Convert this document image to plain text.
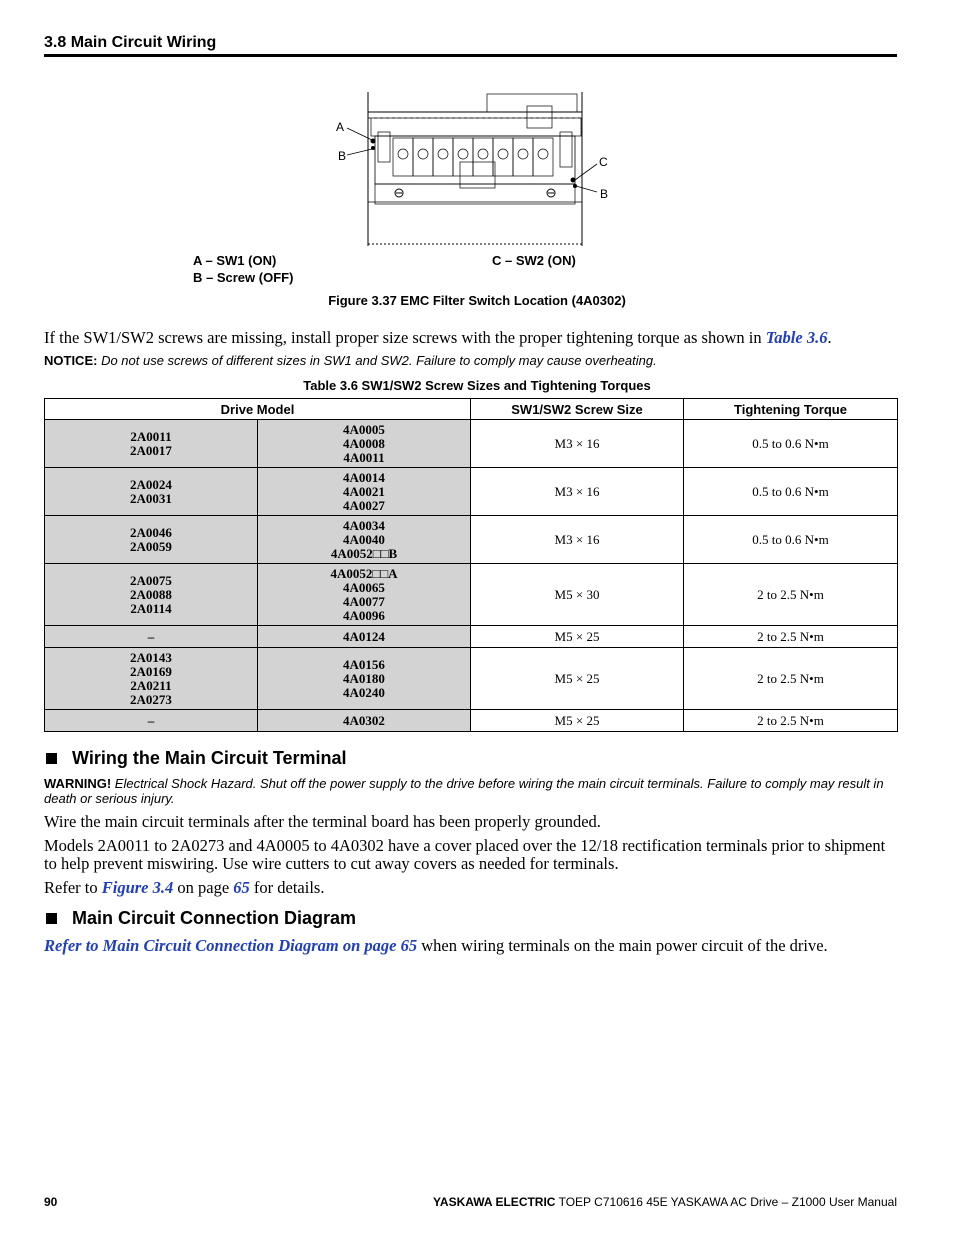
3.8 Main Circuit Wiring
A
B	C
B
A – SW1 (ON)
B – Screw (OFF)
C – SW2 (ON)
Figure 3.37 EMC Filter Switch Location (4A0302)
If the SW1/SW2 screws are missing, install proper size screws with the proper tightening torque as shown in Table 3.6.
NOTICE: Do not use screws of different sizes in SW1 and SW2. Failure to comply may cause overheating.
Table 3.6 SW1/SW2 Screw Sizes and Tightening Torques
Drive Model		SW1/SW2 Screw Size	Tightening Torque
2A0011
2A0017	4A0005
4A0008
4A0011	M3 × 16	0.5 to 0.6 N•m
2A0024
2A0031	4A0014
4A0021
4A0027	M3 × 16	0.5 to 0.6 N•m
2A0046
2A0059	4A0034
4A0040
4A0052□□B	M3 × 16	0.5 to 0.6 N•m
2A0075
2A0088
2A0114	4A0052□□A
4A0065
4A0077
4A0096	M5 × 30	2 to 2.5 N•m
–	4A0124	M5 × 25	2 to 2.5 N•m
2A0143
2A0169
2A0211
2A0273	4A0156
4A0180
4A0240	M5 × 25	2 to 2.5 N•m
–	4A0302	M5 × 25	2 to 2.5 N•m
Wiring the Main Circuit Terminal
WARNING! Electrical Shock Hazard. Shut off the power supply to the drive before wiring the main circuit terminals. Failure to comply may result in death or serious injury.
Wire the main circuit terminals after the terminal board has been properly grounded.
Models 2A0011 to 2A0273 and 4A0005 to 4A0302 have a cover placed over the 12/18 rectification terminals prior to shipment to help prevent miswiring. Use wire cutters to cut away covers as needed for terminals.
Refer to Figure 3.4 on page 65 for details.
Main Circuit Connection Diagram
Refer to Main Circuit Connection Diagram on page 65 when wiring terminals on the main power circuit of the drive.
90	YASKAWA ELECTRIC TOEP C710616 45E YASKAWA AC Drive – Z1000 User Manual
